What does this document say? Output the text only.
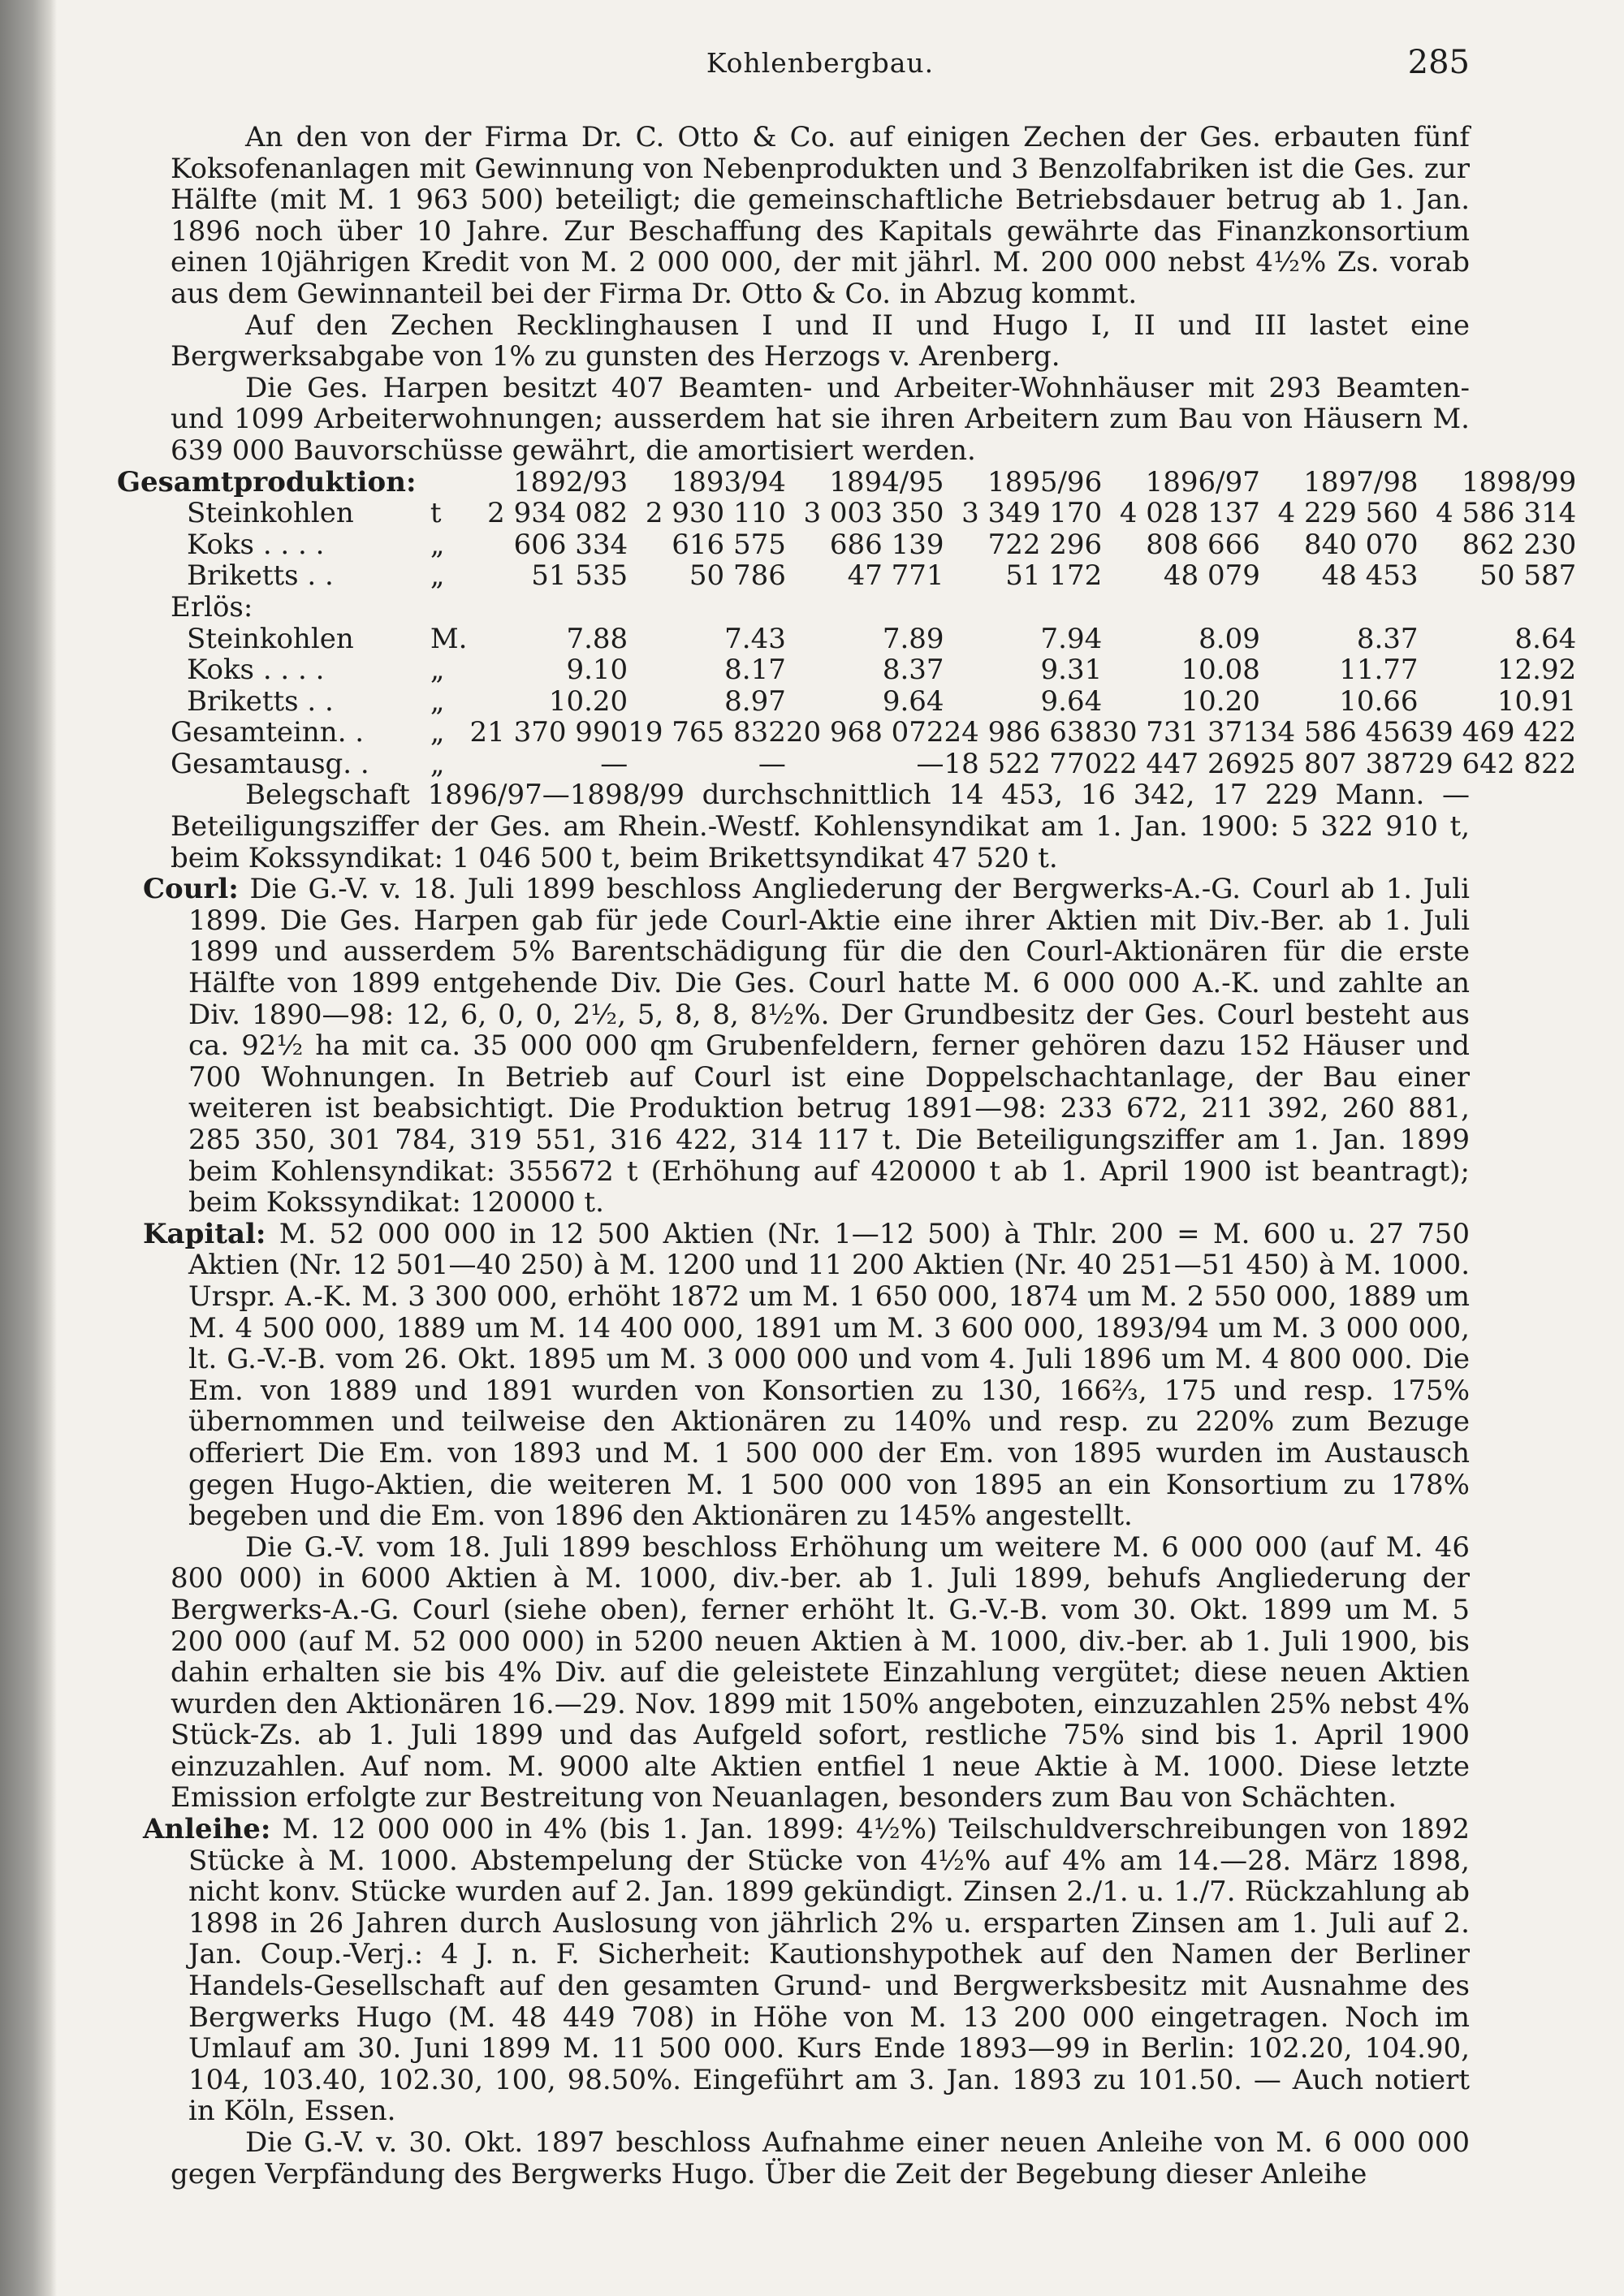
Kohlenbergbau.	285

An den von der Firma Dr. C. Otto & Co. auf einigen Zechen der Ges. erbauten fünf Koksofenanlagen mit Gewinnung von Nebenprodukten und 3 Benzolfabriken ist die Ges. zur Hälfte (mit M. 1 963 500) beteiligt; die gemeinschaftliche Betriebsdauer betrug ab 1. Jan. 1896 noch über 10 Jahre. Zur Beschaffung des Kapitals gewährte das Finanzkonsortium einen 10jährigen Kredit von M. 2 000 000, der mit jährl. M. 200 000 nebst 4½% Zs. vorab aus dem Gewinnanteil bei der Firma Dr. Otto & Co. in Abzug kommt.

Auf den Zechen Recklinghausen I und II und Hugo I, II und III lastet eine Bergwerksabgabe von 1% zu gunsten des Herzogs v. Arenberg.

Die Ges. Harpen besitzt 407 Beamten- und Arbeiter-Wohnhäuser mit 293 Beamten- und 1099 Arbeiterwohnungen; ausserdem hat sie ihren Arbeitern zum Bau von Häusern M. 639 000 Bauvorschüsse gewährt, die amortisiert werden.

Gesamtproduktion:	1892/93	1893/94	1894/95	1895/96	1896/97	1897/98	1898/99
Steinkohlen	t	2 934 082	2 930 110	3 003 350	3 349 170	4 028 137	4 229 560	4 586 314
Koks . . . .	„	606 334	616 575	686 139	722 296	808 666	840 070	862 230
Briketts . .	„	51 535	50 786	47 771	51 172	48 079	48 453	50 587
Erlös:
Steinkohlen	M.	7.88	7.43	7.89	7.94	8.09	8.37	8.64
Koks . . . .	„	9.10	8.17	8.37	9.31	10.08	11.77	12.92
Briketts . .	„	10.20	8.97	9.64	9.64	10.20	10.66	10.91
Gesamteinn. .	„	21 370 990	19 765 832	20 968 072	24 986 638	30 731 371	34 586 456	39 469 422
Gesamtausg. .	„	—	—	—	18 522 770	22 447 269	25 807 387	29 642 822

Belegschaft 1896/97—1898/99 durchschnittlich 14 453, 16 342, 17 229 Mann. — Beteiligungsziffer der Ges. am Rhein.-Westf. Kohlensyndikat am 1. Jan. 1900: 5 322 910 t, beim Kokssyndikat: 1 046 500 t, beim Brikettsyndikat 47 520 t.

Courl: Die G.-V. v. 18. Juli 1899 beschloss Angliederung der Bergwerks-A.-G. Courl ab 1. Juli 1899. Die Ges. Harpen gab für jede Courl-Aktie eine ihrer Aktien mit Div.-Ber. ab 1. Juli 1899 und ausserdem 5% Barentschädigung für die den Courl-Aktionären für die erste Hälfte von 1899 entgehende Div. Die Ges. Courl hatte M. 6 000 000 A.-K. und zahlte an Div. 1890—98: 12, 6, 0, 0, 2½, 5, 8, 8, 8½%. Der Grundbesitz der Ges. Courl besteht aus ca. 92½ ha mit ca. 35 000 000 qm Grubenfeldern, ferner gehören dazu 152 Häuser und 700 Wohnungen. In Betrieb auf Courl ist eine Doppelschachtanlage, der Bau einer weiteren ist beabsichtigt. Die Produktion betrug 1891—98: 233 672, 211 392, 260 881, 285 350, 301 784, 319 551, 316 422, 314 117 t. Die Beteiligungsziffer am 1. Jan. 1899 beim Kohlensyndikat: 355672 t (Erhöhung auf 420000 t ab 1. April 1900 ist beantragt); beim Kokssyndikat: 120000 t.

Kapital: M. 52 000 000 in 12 500 Aktien (Nr. 1—12 500) à Thlr. 200 = M. 600 u. 27 750 Aktien (Nr. 12 501—40 250) à M. 1200 und 11 200 Aktien (Nr. 40 251—51 450) à M. 1000. Urspr. A.-K. M. 3 300 000, erhöht 1872 um M. 1 650 000, 1874 um M. 2 550 000, 1889 um M. 4 500 000, 1889 um M. 14 400 000, 1891 um M. 3 600 000, 1893/94 um M. 3 000 000, lt. G.-V.-B. vom 26. Okt. 1895 um M. 3 000 000 und vom 4. Juli 1896 um M. 4 800 000. Die Em. von 1889 und 1891 wurden von Konsortien zu 130, 166⅔, 175 und resp. 175% übernommen und teilweise den Aktionären zu 140% und resp. zu 220% zum Bezuge offeriert Die Em. von 1893 und M. 1 500 000 der Em. von 1895 wurden im Austausch gegen Hugo-Aktien, die weiteren M. 1 500 000 von 1895 an ein Konsortium zu 178% begeben und die Em. von 1896 den Aktionären zu 145% angestellt.

Die G.-V. vom 18. Juli 1899 beschloss Erhöhung um weitere M. 6 000 000 (auf M. 46 800 000) in 6000 Aktien à M. 1000, div.-ber. ab 1. Juli 1899, behufs Angliederung der Bergwerks-A.-G. Courl (siehe oben), ferner erhöht lt. G.-V.-B. vom 30. Okt. 1899 um M. 5 200 000 (auf M. 52 000 000) in 5200 neuen Aktien à M. 1000, div.-ber. ab 1. Juli 1900, bis dahin erhalten sie bis 4% Div. auf die geleistete Einzahlung vergütet; diese neuen Aktien wurden den Aktionären 16.—29. Nov. 1899 mit 150% angeboten, einzuzahlen 25% nebst 4% Stück-Zs. ab 1. Juli 1899 und das Aufgeld sofort, restliche 75% sind bis 1. April 1900 einzuzahlen. Auf nom. M. 9000 alte Aktien entfiel 1 neue Aktie à M. 1000. Diese letzte Emission erfolgte zur Bestreitung von Neuanlagen, besonders zum Bau von Schächten.

Anleihe: M. 12 000 000 in 4% (bis 1. Jan. 1899: 4½%) Teilschuldverschreibungen von 1892 Stücke à M. 1000. Abstempelung der Stücke von 4½% auf 4% am 14.—28. März 1898, nicht konv. Stücke wurden auf 2. Jan. 1899 gekündigt. Zinsen 2./1. u. 1./7. Rückzahlung ab 1898 in 26 Jahren durch Auslosung von jährlich 2% u. ersparten Zinsen am 1. Juli auf 2. Jan. Coup.-Verj.: 4 J. n. F. Sicherheit: Kautionshypothek auf den Namen der Berliner Handels-Gesellschaft auf den gesamten Grund- und Bergwerksbesitz mit Ausnahme des Bergwerks Hugo (M. 48 449 708) in Höhe von M. 13 200 000 eingetragen. Noch im Umlauf am 30. Juni 1899 M. 11 500 000. Kurs Ende 1893—99 in Berlin: 102.20, 104.90, 104, 103.40, 102.30, 100, 98.50%. Eingeführt am 3. Jan. 1893 zu 101.50. — Auch notiert in Köln, Essen.

Die G.-V. v. 30. Okt. 1897 beschloss Aufnahme einer neuen Anleihe von M. 6 000 000 gegen Verpfändung des Bergwerks Hugo. Über die Zeit der Begebung dieser Anleihe
